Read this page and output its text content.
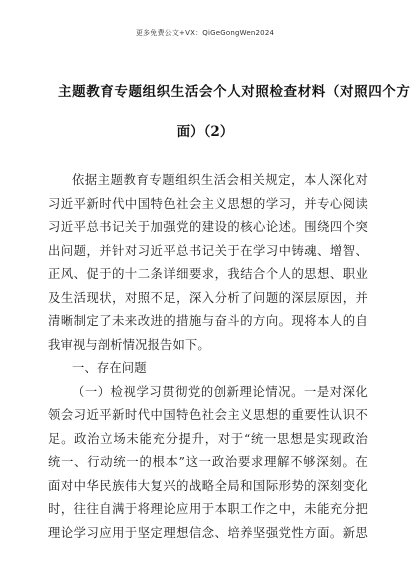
更多免费公文+VX：QiGeGongWen2024
主题教育专题组织生活会个人对照检查材料（对照四个方
面）（2）
依据主题教育专题组织生活会相关规定，本人深化对
习近平新时代中国特色社会主义思想的学习，并专心阅读
习近平总书记关于加强党的建设的核心论述。围绕四个突
出问题，并针对习近平总书记关于在学习中铸魂、增智、
正风、促于的十二条详细要求，我结合个人的思想、职业
及生活现状，对照不足，深入分析了问题的深层原因，并
清晰制定了未来改进的措施与奋斗的方向。现将本人的自
我审视与剖析情况报告如下。
一、存在问题
（一）检视学习贯彻党的创新理论情况。一是对深化
领会习近平新时代中国特色社会主义思想的重要性认识不
足。政治立场未能充分提升，对于“统一思想是实现政治
统一、行动统一的根本”这一政治要求理解不够深刻。在
面对中华民族伟大复兴的战略全局和国际形势的深刻变化
时，往往自满于将理论应用于本职工作之中，未能充分把
理论学习应用于坚定理想信念、培养坚强党性方面。新思
